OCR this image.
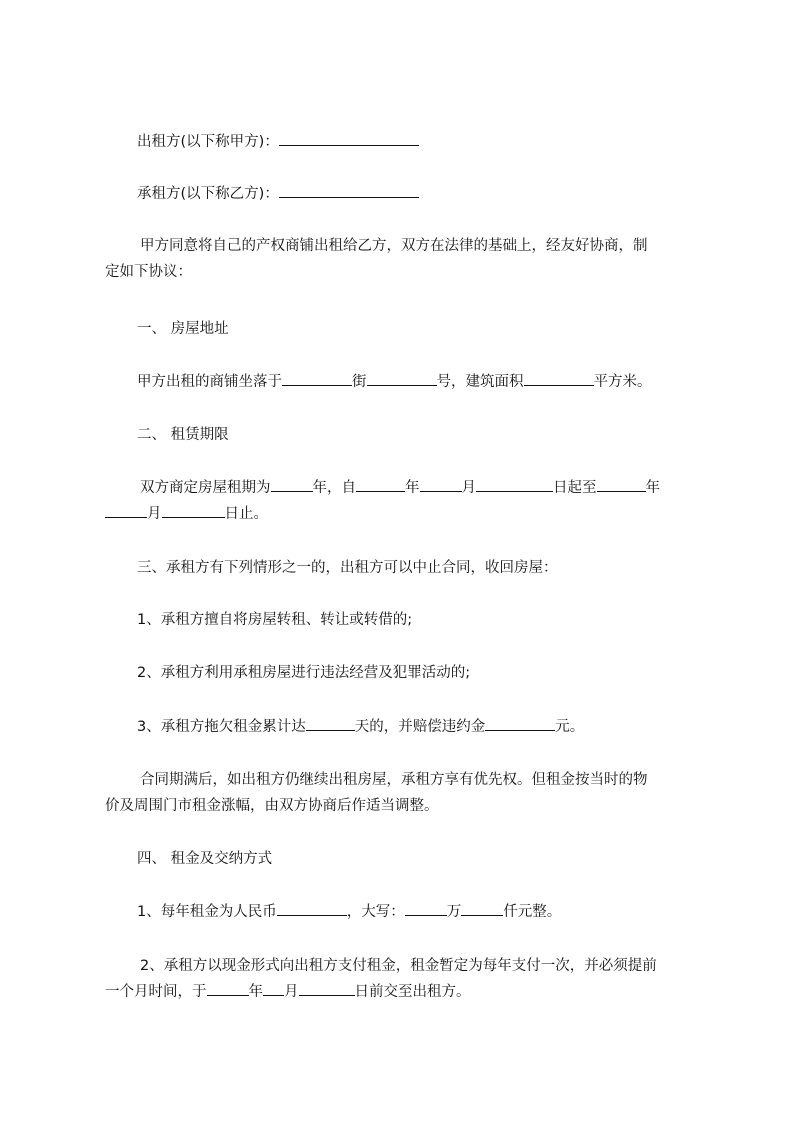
出租方(以下称甲方)：
承租方(以下称乙方)：
甲方同意将自己的产权商铺出租给乙方，双方在法律的基础上，经友好协商，制
定如下协议：
一、 房屋地址
甲方出租的商铺坐落于	街	号，建筑面积	平方米。
二、 租赁期限
双方商定房屋租期为	年，自	年	月	日起至	年
月	日止。
三、承租方有下列情形之一的，出租方可以中止合同，收回房屋：
1、承租方擅自将房屋转租、转让或转借的;
2、承租方利用承租房屋进行违法经营及犯罪活动的;
3、承租方拖欠租金累计达	天的，并赔偿违约金	元。
合同期满后，如出租方仍继续出租房屋，承租方享有优先权。但租金按当时的物
价及周围门市租金涨幅，由双方协商后作适当调整。
四、 租金及交纳方式
1、每年租金为人民币	，大写：	万	仟元整。
2、承租方以现金形式向出租方支付租金，租金暂定为每年支付一次，并必须提前
一个月时间，于	年 月	日前交至出租方。
